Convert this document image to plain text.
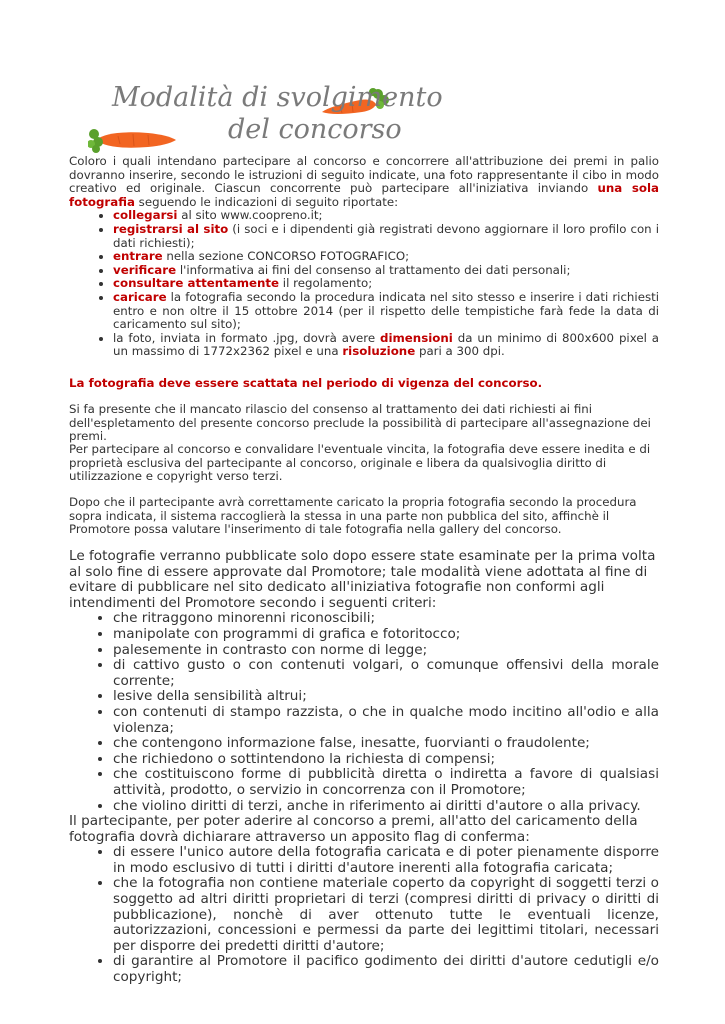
Modalità di svolgimento
del concorso

Coloro i quali intendano partecipare al concorso e concorrere all'attribuzione dei premi in palio dovranno inserire, secondo le istruzioni di seguito indicate, una foto rappresentante il cibo in modo creativo ed originale. Ciascun concorrente può partecipare all'iniziativa inviando una sola fotografia seguendo le indicazioni di seguito riportate:

• collegarsi al sito www.coopreno.it;
• registrarsi al sito (i soci e i dipendenti già registrati devono aggiornare il loro profilo con i dati richiesti);
• entrare nella sezione CONCORSO FOTOGRAFICO;
• verificare l'informativa ai fini del consenso al trattamento dei dati personali;
• consultare attentamente il regolamento;
• caricare la fotografia secondo la procedura indicata nel sito stesso e inserire i dati richiesti entro e non oltre il 15 ottobre 2014 (per il rispetto delle tempistiche farà fede la data di caricamento sul sito);
• la foto, inviata in formato .jpg, dovrà avere dimensioni da un minimo di 800x600 pixel a un massimo di 1772x2362 pixel e una risoluzione pari a 300 dpi.

La fotografia deve essere scattata nel periodo di vigenza del concorso.

Si fa presente che il mancato rilascio del consenso al trattamento dei dati richiesti ai fini dell'espletamento del presente concorso preclude la possibilità di partecipare all'assegnazione dei premi.

Per partecipare al concorso e convalidare l'eventuale vincita, la fotografia deve essere inedita e di proprietà esclusiva del partecipante al concorso, originale e libera da qualsivoglia diritto di utilizzazione e copyright verso terzi.

Dopo che il partecipante avrà correttamente caricato la propria fotografia secondo la procedura sopra indicata, il sistema raccoglierà la stessa in una parte non pubblica del sito, affinchè il Promotore possa valutare l'inserimento di tale fotografia nella gallery del concorso.

Le fotografie verranno pubblicate solo dopo essere state esaminate per la prima volta al solo fine di essere approvate dal Promotore; tale modalità viene adottata al fine di evitare di pubblicare nel sito dedicato all'iniziativa fotografie non conformi agli intendimenti del Promotore secondo i seguenti criteri:

• che ritraggono minorenni riconoscibili;
• manipolate con programmi di grafica e fotoritocco;
• palesemente in contrasto con norme di legge;
• di cattivo gusto o con contenuti volgari, o comunque offensivi della morale corrente;
• lesive della sensibilità altrui;
• con contenuti di stampo razzista, o che in qualche modo incitino all'odio e alla violenza;
• che contengono informazione false, inesatte, fuorvianti o fraudolente;
• che richiedono o sottintendono la richiesta di compensi;
• che costituiscono forme di pubblicità diretta o indiretta a favore di qualsiasi attività, prodotto, o servizio in concorrenza con il Promotore;
• che violino diritti di terzi, anche in riferimento ai diritti d'autore o alla privacy.

Il partecipante, per poter aderire al concorso a premi, all'atto del caricamento della fotografia dovrà dichiarare attraverso un apposito flag di conferma:

• di essere l'unico autore della fotografia caricata e di poter pienamente disporre in modo esclusivo di tutti i diritti d'autore inerenti alla fotografia caricata;
• che la fotografia non contiene materiale coperto da copyright di soggetti terzi o soggetto ad altri diritti proprietari di terzi (compresi diritti di privacy o diritti di pubblicazione), nonchè di aver ottenuto tutte le eventuali licenze, autorizzazioni, concessioni e permessi da parte dei legittimi titolari, necessari per disporre dei predetti diritti d'autore;
• di garantire al Promotore il pacifico godimento dei diritti d'autore cedutigli e/o copyright;
